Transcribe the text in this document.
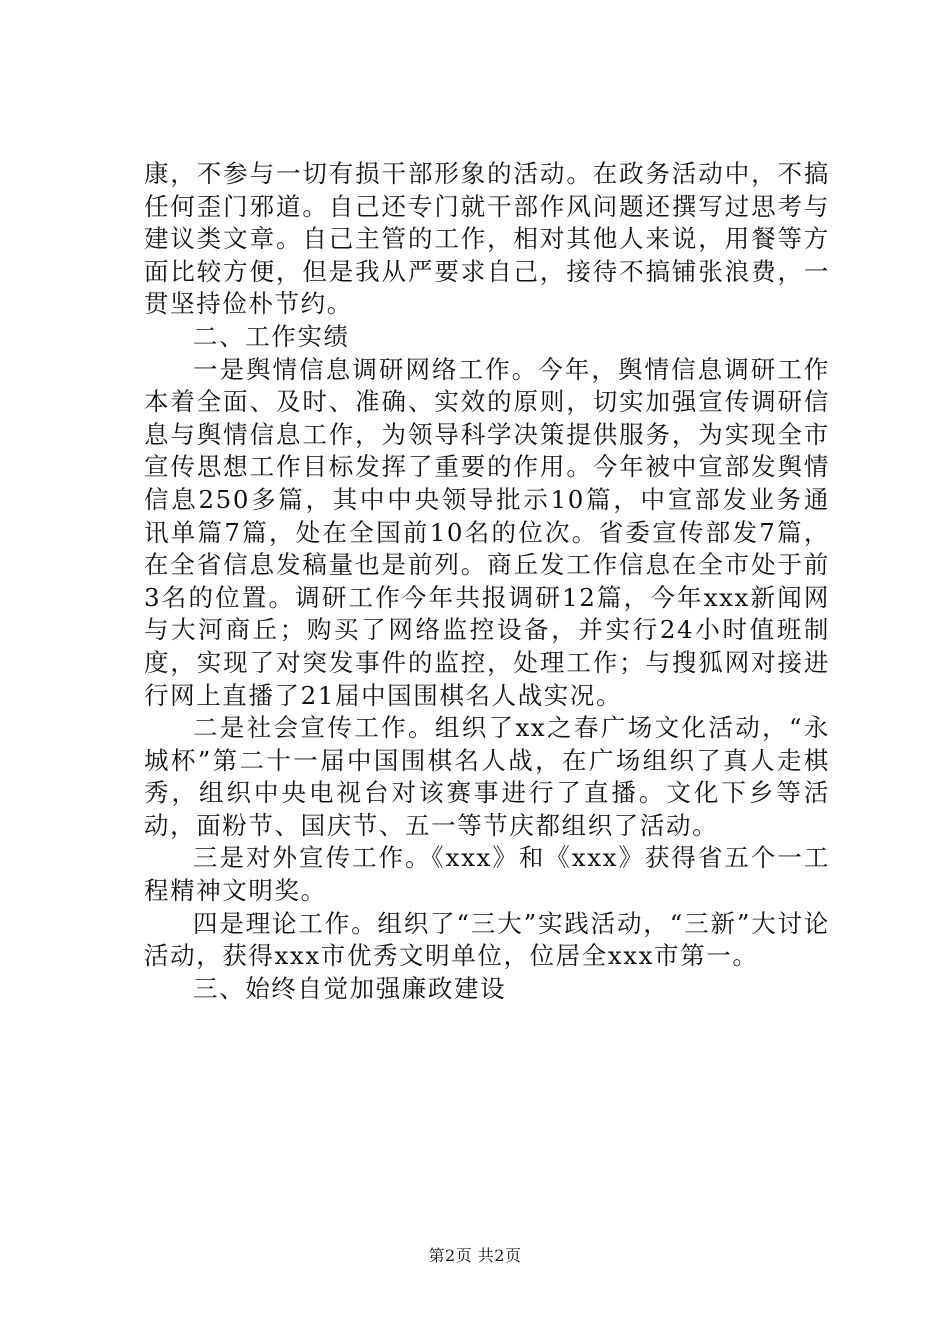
康，不参与一切有损干部形象的活动。在政务活动中，不搞任何歪门邪道。自己还专门就干部作风问题还撰写过思考与建议类文章。自己主管的工作，相对其他人来说，用餐等方面比较方便，但是我从严要求自己，接待不搞铺张浪费，一贯坚持俭朴节约。

二、工作实绩

一是舆情信息调研网络工作。今年，舆情信息调研工作本着全面、及时、准确、实效的原则，切实加强宣传调研信息与舆情信息工作，为领导科学决策提供服务，为实现全市宣传思想工作目标发挥了重要的作用。今年被中宣部发舆情信息250多篇，其中中央领导批示10篇，中宣部发业务通讯单篇7篇，处在全国前10名的位次。省委宣传部发7篇，在全省信息发稿量也是前列。商丘发工作信息在全市处于前3名的位置。调研工作今年共报调研12篇，今年xxx新闻网与大河商丘；购买了网络监控设备，并实行24小时值班制度，实现了对突发事件的监控，处理工作；与搜狐网对接进行网上直播了21届中国围棋名人战实况。

二是社会宣传工作。组织了xx之春广场文化活动，“永城杯”第二十一届中国围棋名人战，在广场组织了真人走棋秀，组织中央电视台对该赛事进行了直播。文化下乡等活动，面粉节、国庆节、五一等节庆都组织了活动。

三是对外宣传工作。《xxx》和《xxx》获得省五个一工程精神文明奖。

四是理论工作。组织了“三大”实践活动，“三新”大讨论活动，获得xxx市优秀文明单位，位居全xxx市第一。

三、始终自觉加强廉政建设

第2页 共2页
